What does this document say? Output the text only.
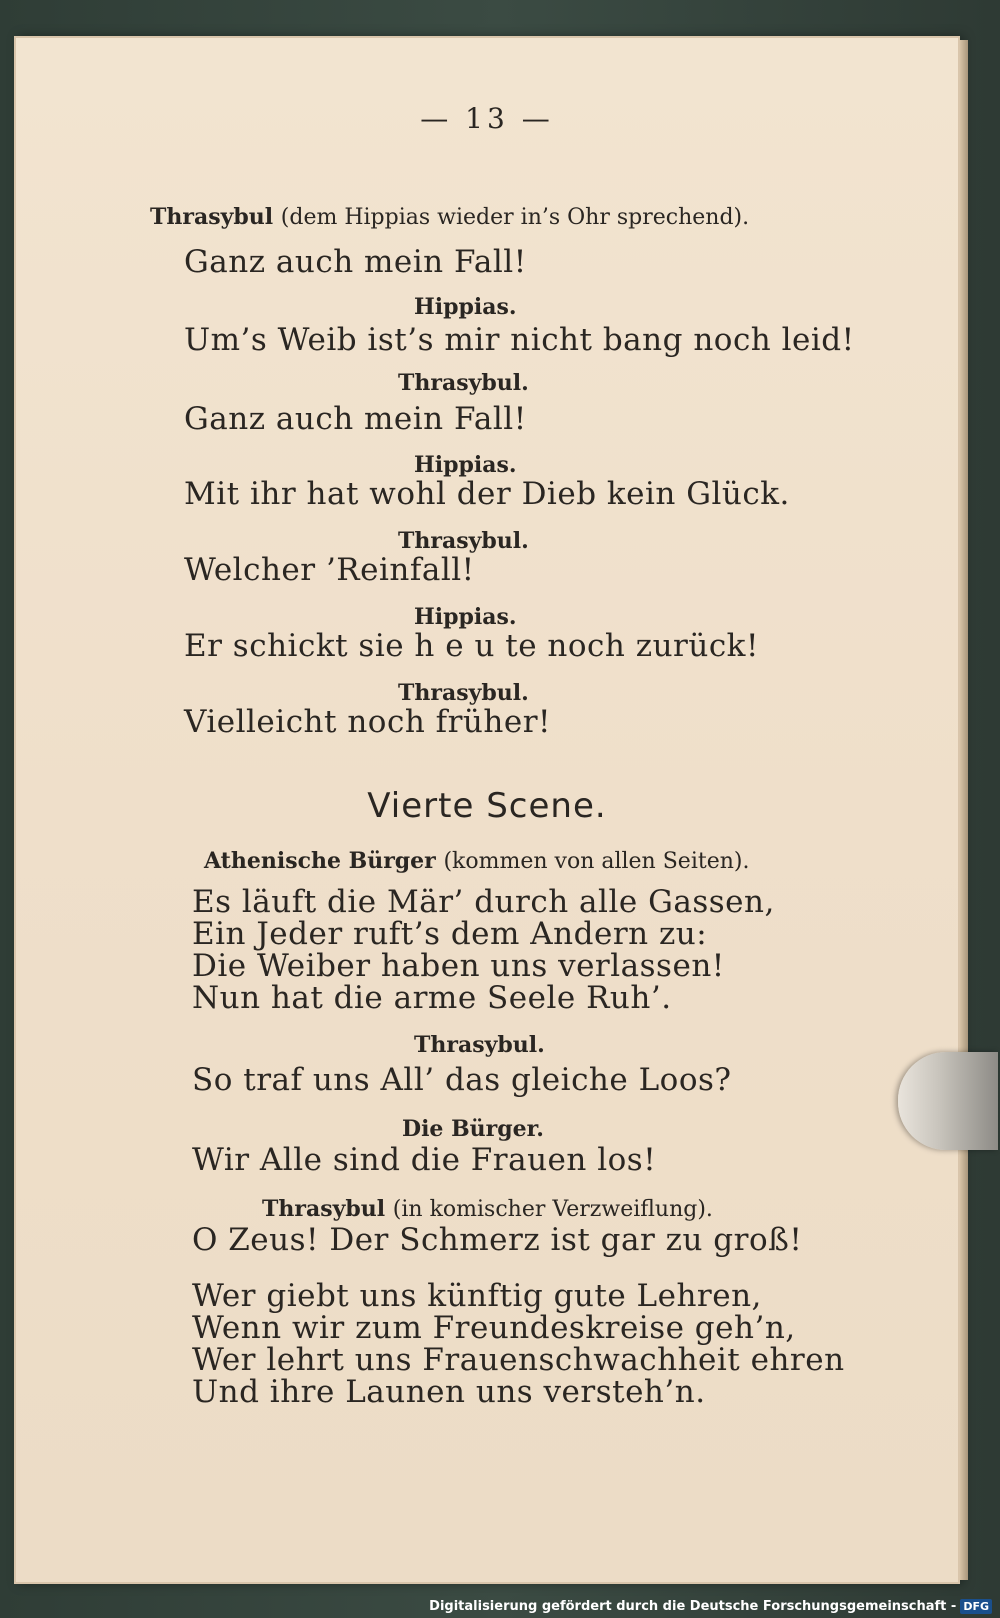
— 13 —

Thrasybul (dem Hippias wieder in’s Ohr sprechend).

Ganz auch mein Fall!

Hippias.

Um’s Weib ist’s mir nicht bang noch leid!

Thrasybul.

Ganz auch mein Fall!

Hippias.

Mit ihr hat wohl der Dieb kein Glück.

Thrasybul.

Welcher ’Reinfall!

Hippias.

Er schickt sie h e u te noch zurück!

Thrasybul.

Vielleicht noch früher!

Vierte Scene.

Athenische Bürger (kommen von allen Seiten).

Es läuft die Mär’ durch alle Gassen,

Ein Jeder ruft’s dem Andern zu:

Die Weiber haben uns verlassen!

Nun hat die arme Seele Ruh’.

Thrasybul.

So traf uns All’ das gleiche Loos?

Die Bürger.

Wir Alle sind die Frauen los!

Thrasybul (in komischer Verzweiflung).

O Zeus! Der Schmerz ist gar zu groß!

Wer giebt uns künftig gute Lehren,

Wenn wir zum Freundeskreise geh’n,

Wer lehrt uns Frauenschwachheit ehren

Und ihre Launen uns versteh’n.

Digitalisierung gefördert durch die Deutsche Forschungsgemeinschaft - DFG
